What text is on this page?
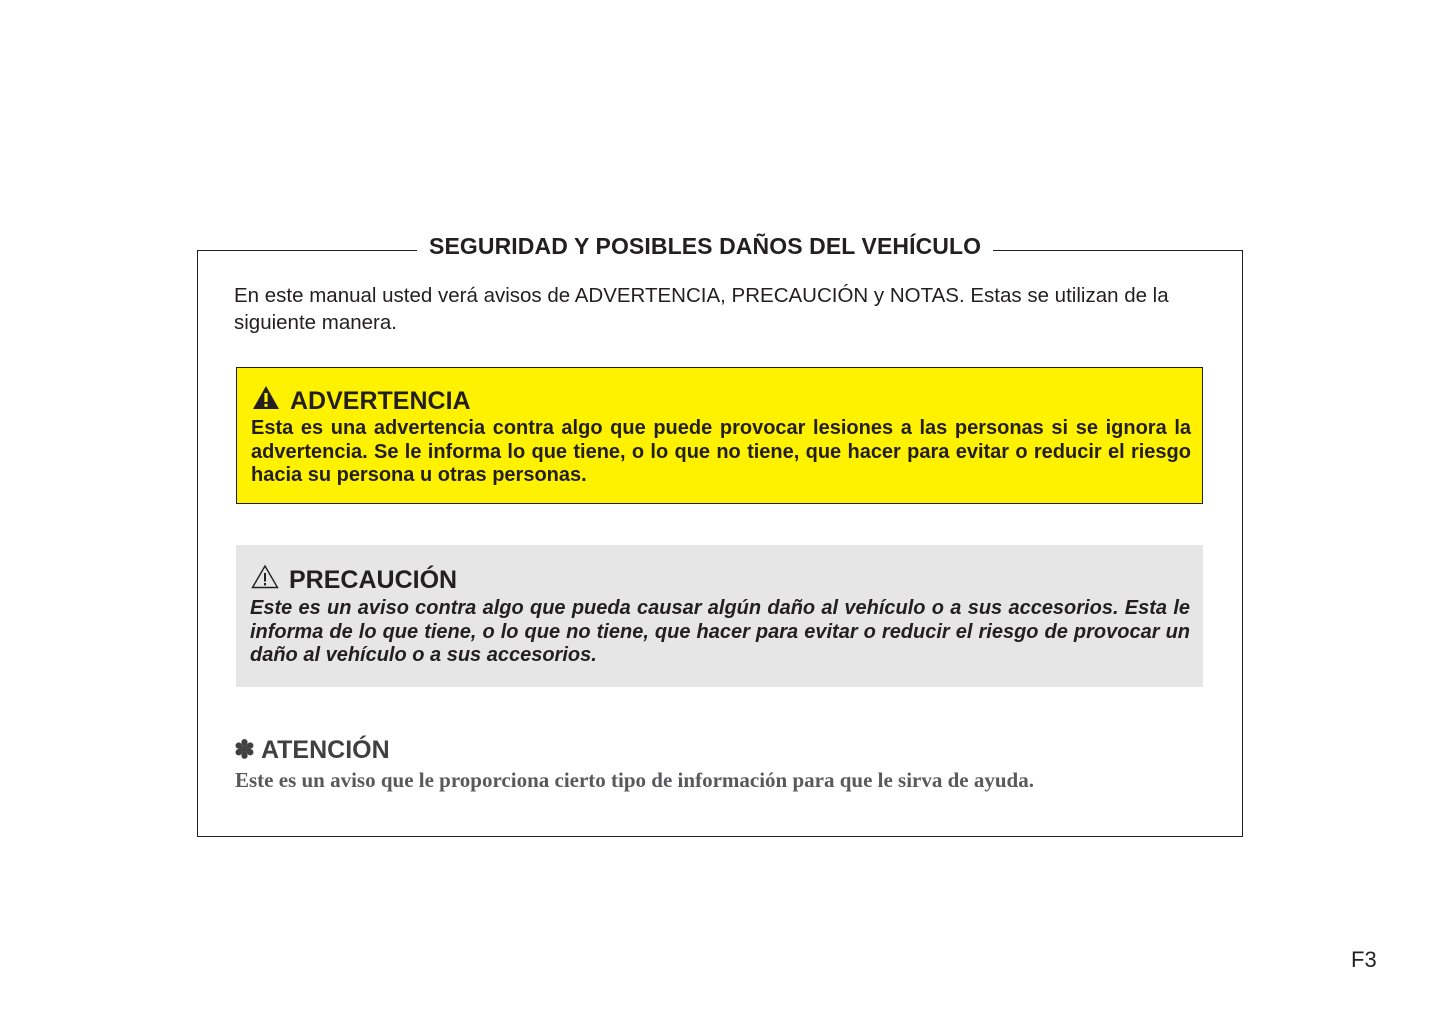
SEGURIDAD Y POSIBLES DAÑOS DEL VEHÍCULO

En este manual usted verá avisos de ADVERTENCIA, PRECAUCIÓN y NOTAS. Estas se utilizan de la siguiente manera.

ADVERTENCIA

Esta es una advertencia contra algo que puede provocar lesiones a las personas si se ignora la advertencia. Se le informa lo que tiene, o lo que no tiene, que hacer para evitar o reducir el riesgo hacia su persona u otras personas.

PRECAUCIÓN

Este es un aviso contra algo que pueda causar algún daño al vehículo o a sus accesorios. Esta le informa de lo que tiene, o lo que no tiene, que hacer para evitar o reducir el riesgo de provocar un daño al vehículo o a sus accesorios.

✽ ATENCIÓN

Este es un aviso que le proporciona cierto tipo de información para que le sirva de ayuda.

F3
